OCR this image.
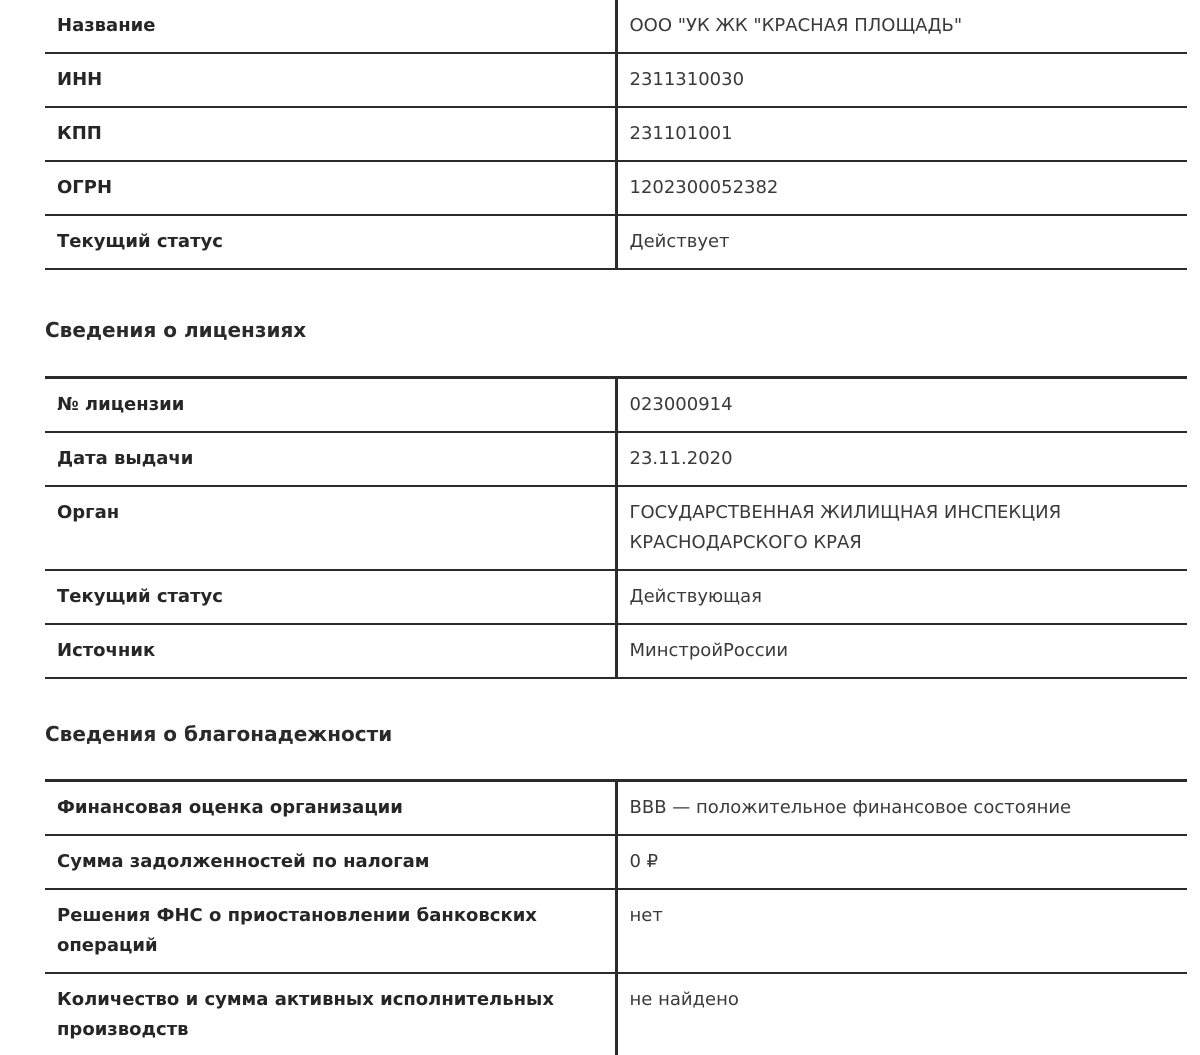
Название	ООО "УК ЖК "КРАСНАЯ ПЛОЩАДЬ"
ИНН	2311310030
КПП	231101001
ОГРН	1202300052382
Текущий статус	Действует
Сведения о лицензиях
№ лицензии	023000914
Дата выдачи	23.11.2020
Орган	ГОСУДАРСТВЕННАЯ ЖИЛИЩНАЯ ИНСПЕКЦИЯ КРАСНОДАРСКОГО КРАЯ
Текущий статус	Действующая
Источник	МинстройРоссии
Сведения о благонадежности
Финансовая оценка организации	BBB — положительное финансовое состояние
Сумма задолженностей по налогам	0 ₽
Решения ФНС о приостановлении банковских операций	нет
Количество и сумма активных исполнительных производств	не найдено
